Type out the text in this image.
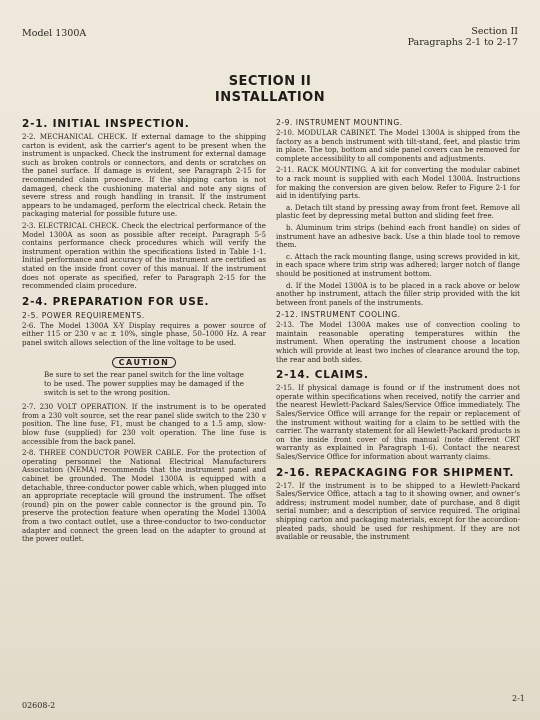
Model 1300A	Section II
Paragraphs 2-1 to 2-17
SECTION II
INSTALLATION
2-1. INITIAL INSPECTION.

2-2. MECHANICAL CHECK. If external damage to the shipping carton is evident, ask the carrier's agent to be present when the instrument is unpacked. Check the instrument for external damage such as broken controls or connectors, and dents or scratches on the panel surface. If damage is evident, see Paragraph 2-15 for recommended claim procedure. If the shipping carton is not damaged, check the cushioning material and note any signs of severe stress and rough handling in transit. If the instrument appears to be undamaged, perform the electrical check. Retain the packaging material for possible future use.

2-3. ELECTRICAL CHECK. Check the electrical performance of the Model 1300A as soon as possible after receipt. Paragraph 5-5 contains performance check procedures which will verify the instrument operation within the specifications listed in Table 1-1. Initial performance and accuracy of the instrument are certified as stated on the inside front cover of this manual. If the instrument does not operate as specified, refer to Paragraph 2-15 for the recommended claim procedure.

2-4. PREPARATION FOR USE.
2-5. POWER REQUIREMENTS.

2-6. The Model 1300A X-Y Display requires a power source of either 115 or 230 v ac ± 10%, single phase, 50–1000 Hz. A rear panel switch allows selection of the line voltage to be used.

CAUTION
Be sure to set the rear panel switch for the line voltage to be used. The power supplies may be damaged if the switch is set to the wrong position.

2-7. 230 VOLT OPERATION. If the instrument is to be operated from a 230 volt source, set the rear panel slide switch to the 230 v position. The line fuse, F1, must be changed to a 1.5 amp, slow-blow fuse (supplied) for 230 volt operation. The line fuse is accessible from the back panel.

2-8. THREE CONDUCTOR POWER CABLE. For the protection of operating personnel the National Electrical Manufacturers Association (NEMA) recommends that the instrument panel and cabinet be grounded. The Model 1300A is equipped with a detachable, three-conductor power cable which, when plugged into an appropriate receptacle will ground the instrument. The offset (round) pin on the power cable connector is the ground pin. To preserve the protection feature when operating the Model 1300A from a two contact outlet, use a three-conductor to two-conductor adapter and connect the green lead on the adapter to ground at the power outlet.

2-9. INSTRUMENT MOUNTING.

2-10. MODULAR CABINET. The Model 1300A is shipped from the factory as a bench instrument with tilt-stand, feet, and plastic trim in place. The top, bottom and side panel covers can be removed for complete accessibility to all components and adjustments.

2-11. RACK MOUNTING. A kit for converting the modular cabinet to a rack mount is supplied with each Model 1300A. Instructions for making the conversion are given below. Refer to Figure 2-1 for aid in identifying parts.

a. Detach tilt stand by pressing away from front feet. Remove all plastic feet by depressing metal button and sliding feet free.

b. Aluminum trim strips (behind each front handle) on sides of instrument have an adhesive back. Use a thin blade tool to remove them.

c. Attach the rack mounting flange, using screws provided in kit, in each space where trim strip was adhered; larger notch of flange should be positioned at instrument bottom.

d. If the Model 1300A is to be placed in a rack above or below another hp instrument, attach the filler strip provided with the kit between front panels of the instruments.

2-12. INSTRUMENT COOLING.

2-13. The Model 1300A makes use of convection cooling to maintain reasonable operating temperatures within the instrument. When operating the instrument choose a location which will provide at least two inches of clearance around the top, the rear and both sides.

2-14. CLAIMS.

2-15. If physical damage is found or if the instrument does not operate within specifications when received, notify the carrier and the nearest Hewlett-Packard Sales/Service Office immediately. The Sales/Service Office will arrange for the repair or replacement of the instrument without waiting for a claim to be settled with the carrier. The warranty statement for all Hewlett-Packard products is on the inside front cover of this manual (note different CRT warranty as explained in Paragraph 1-6). Contact the nearest Sales/Service Office for information about warranty claims.

2-16. REPACKAGING FOR SHIPMENT.

2-17. If the instrument is to be shipped to a Hewlett-Packard Sales/Service Office, attach a tag to it showing owner, and owner's address; instrument model number, date of purchase, and 8 digit serial number; and a description of service required. The original shipping carton and packaging materials, except for the accordion-pleated pads, should be used for reshipment. If they are not available or reusable, the instrument

02608-2
2-1
